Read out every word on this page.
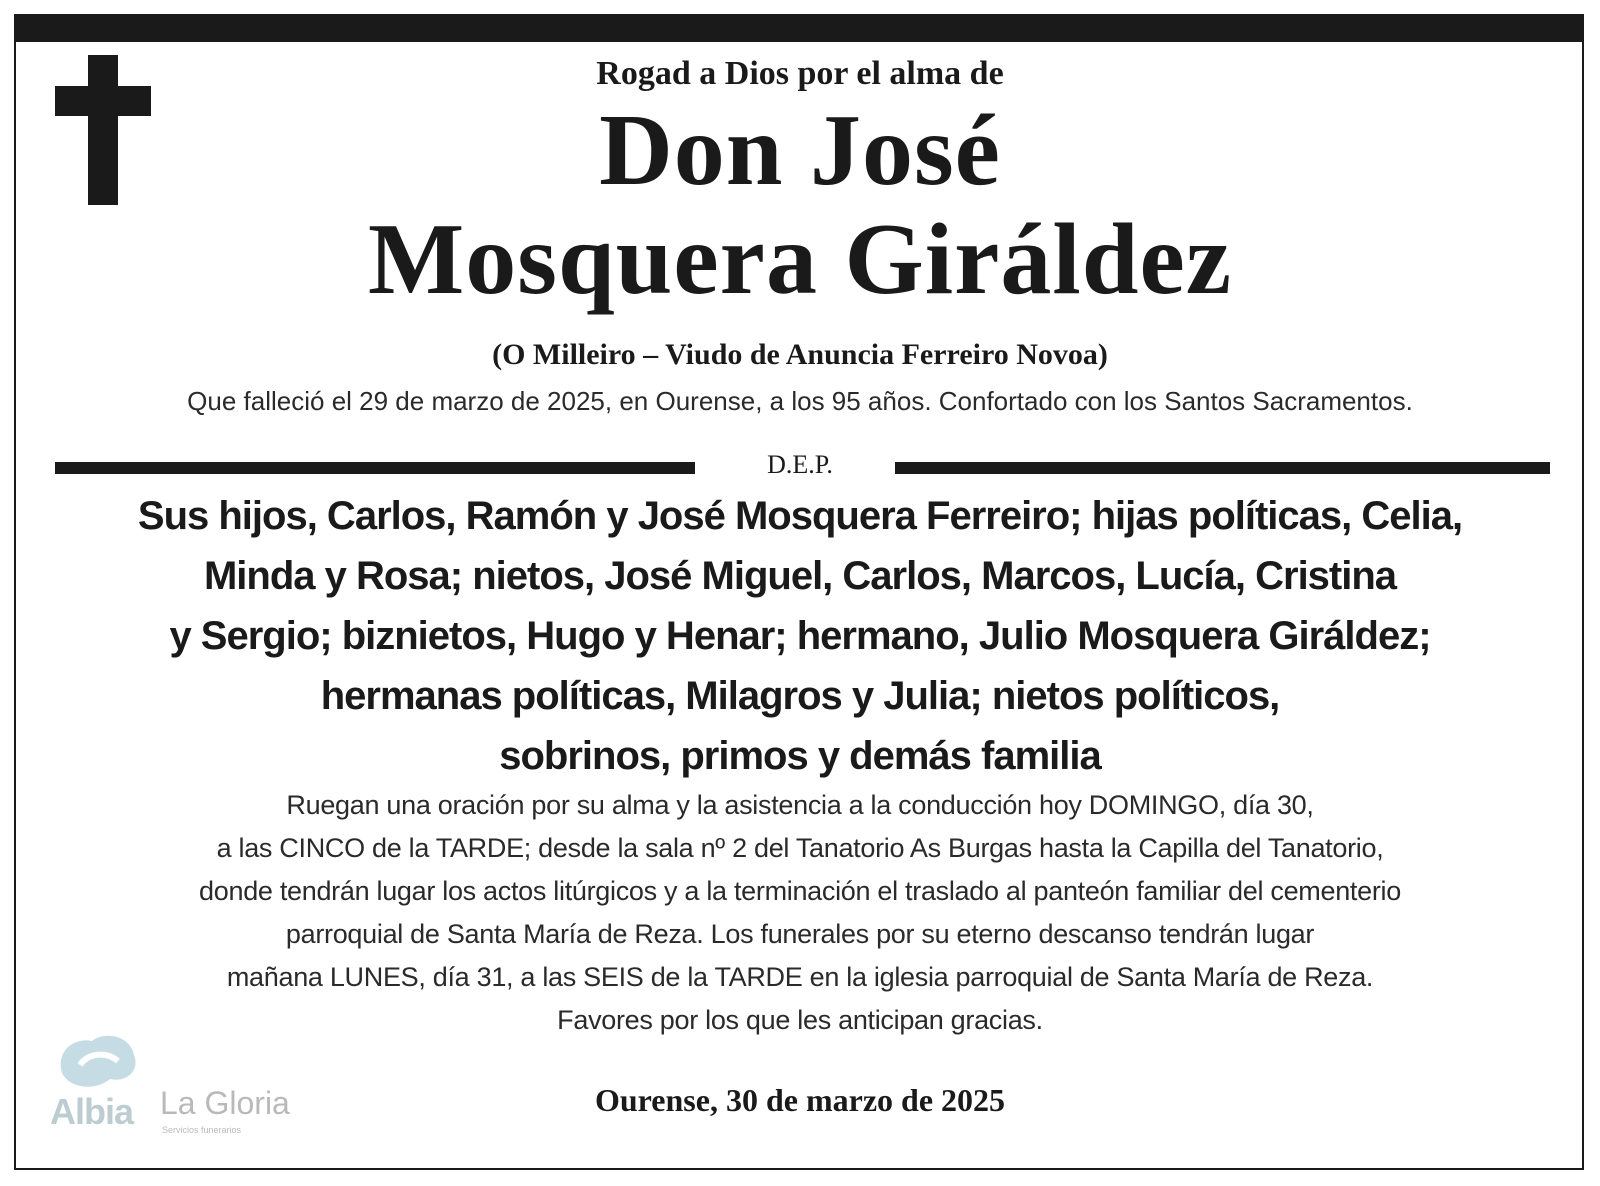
Rogad a Dios por el alma de
Don José
Mosquera Giráldez
(O Milleiro – Viudo de Anuncia Ferreiro Novoa)
Que falleció el 29 de marzo de 2025, en Ourense, a los 95 años. Confortado con los Santos Sacramentos.
D.E.P.
Sus hijos, Carlos, Ramón y José Mosquera Ferreiro; hijas políticas, Celia,
Minda y Rosa; nietos, José Miguel, Carlos, Marcos, Lucía, Cristina
y Sergio; biznietos, Hugo y Henar; hermano, Julio Mosquera Giráldez;
hermanas políticas, Milagros y Julia; nietos políticos,
sobrinos, primos y demás familia
Ruegan una oración por su alma y la asistencia a la conducción hoy DOMINGO, día 30,
a las CINCO de la TARDE; desde la sala nº 2 del Tanatorio As Burgas hasta la Capilla del Tanatorio,
donde tendrán lugar los actos litúrgicos y a la terminación el traslado al panteón familiar del cementerio
parroquial de Santa María de Reza. Los funerales por su eterno descanso tendrán lugar
mañana LUNES, día 31, a las SEIS de la TARDE en la iglesia parroquial de Santa María de Reza.
Favores por los que les anticipan gracias.
Albia La Gloria
Servicios funerarios
Ourense, 30 de marzo de 2025
